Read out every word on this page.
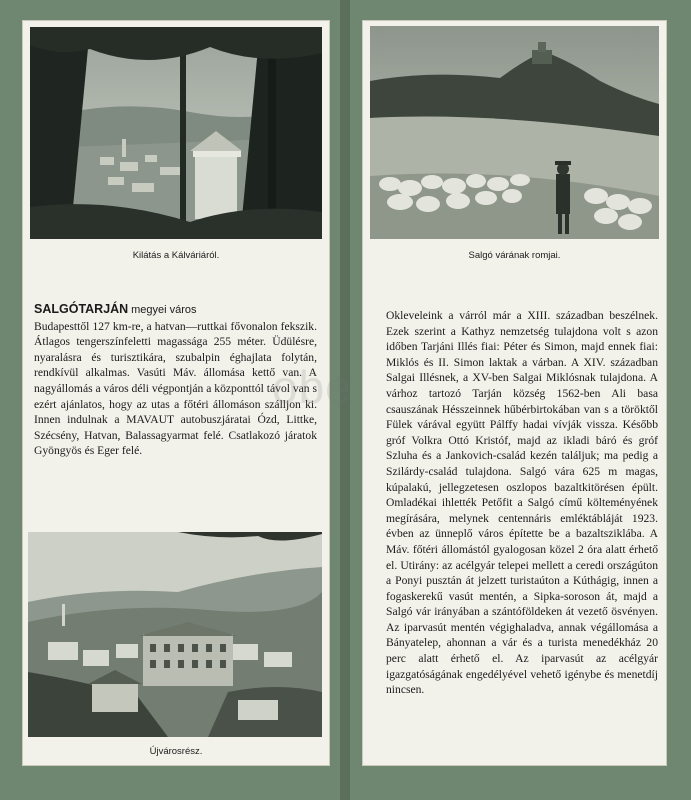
Kilátás a Kálváriáról.
SALGÓTARJÁN megyei város
Budapesttől 127 km-re, a hatvan—ruttkai fővonalon fekszik. Átlagos tengerszínfeletti magassága 255 méter. Üdülésre, nyaralásra és turisztikára, szubalpin éghajlata folytán, rendkívül alkalmas. Vasúti Máv. állomása kettő van. A nagyállomás a város déli végpontján a központtól távol van s ezért ajánlatos, hogy az utas a főtéri állomáson szálljon ki. Innen indulnak a MAVAUT autobuszjáratai Ózd, Littke, Szécsény, Hatvan, Balassagyarmat felé. Csatlakozó járatok Gyöngyös és Eger felé.
Újvárosrész.
Salgó várának romjai.
Okleveleink a várról már a XIII. században beszélnek. Ezek szerint a Kathyz nemzetség tulajdona volt s azon időben Tarjáni Illés fiai: Péter és Simon, majd ennek fiai: Miklós és II. Simon laktak a várban. A XIV. században Salgai Illésnek, a XV-ben Salgai Miklósnak tulajdona. A várhoz tartozó Tarján község 1562-ben Ali basa csauszának Hésszeinnek hűbérbirtokában van s a töröktől Fülek várával együtt Pálffy hadai vívják vissza. Később gróf Volkra Ottó Kristóf, majd az ikladi báró és gróf Szluha és a Jankovich-család kezén találjuk; ma pedig a Szilárdy-család tulajdona. Salgó vára 625 m magas, kúpalakú, jellegzetesen oszlopos bazaltkitörésen épült. Omladékai ihlették Petőfit a Salgó című költeményének megírására, melynek centennáris emléktábláját 1923. évben az ünneplő város építette be a bazaltsziklába. A Máv. főtéri állomástól gyalogosan közel 2 óra alatt érhető el. Utirány: az acélgyár telepei mellett a ceredi országúton a Ponyi pusztán át jelzett turistaúton a Kúthágig, innen a fogaskerekű vasút mentén, a Sipka-soroson át, majd a Salgó vár irányában a szántóföldeken át vezető ösvényen. Az iparvasút mentén végighaladva, annak végállomása a Bányatelep, ahonnan a vár és a turista menedékház 20 perc alatt érhető el. Az iparvasút az acélgyár igazgatóságának engedélyével vehető igénybe és menetdíj nincsen.
obe
